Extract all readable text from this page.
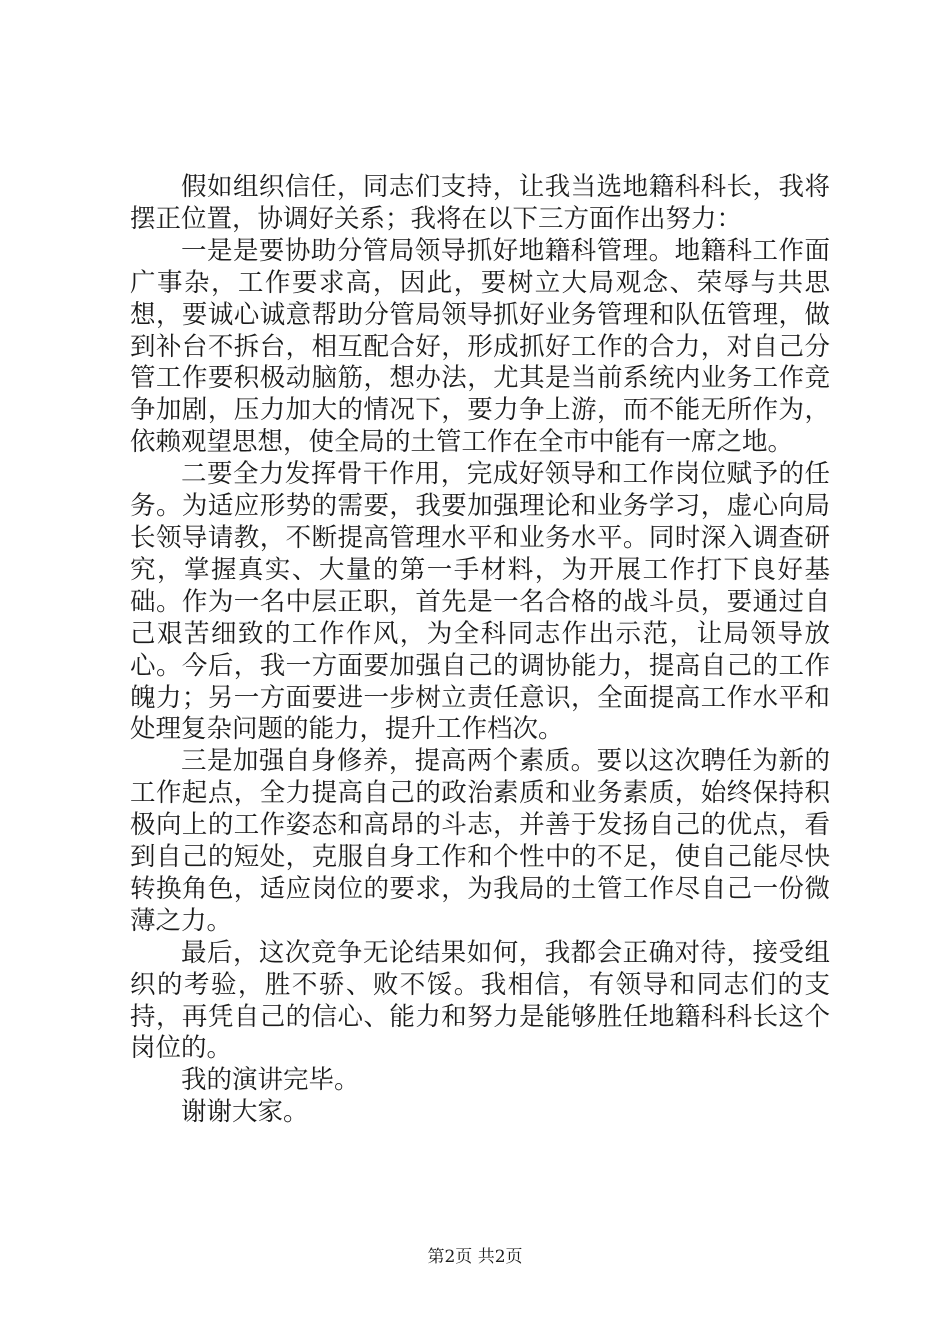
假如组织信任，同志们支持，让我当选地籍科科长，我将摆正位置，协调好关系；我将在以下三方面作出努力：

一是是要协助分管局领导抓好地籍科管理。地籍科工作面广事杂，工作要求高，因此，要树立大局观念、荣辱与共思想，要诚心诚意帮助分管局领导抓好业务管理和队伍管理，做到补台不拆台，相互配合好，形成抓好工作的合力，对自己分管工作要积极动脑筋，想办法，尤其是当前系统内业务工作竞争加剧，压力加大的情况下，要力争上游，而不能无所作为，依赖观望思想，使全局的土管工作在全市中能有一席之地。

二要全力发挥骨干作用，完成好领导和工作岗位赋予的任务。为适应形势的需要，我要加强理论和业务学习，虚心向局长领导请教，不断提高管理水平和业务水平。同时深入调查研究，掌握真实、大量的第一手材料，为开展工作打下良好基础。作为一名中层正职，首先是一名合格的战斗员，要通过自己艰苦细致的工作作风，为全科同志作出示范，让局领导放心。今后，我一方面要加强自己的调协能力，提高自己的工作魄力；另一方面要进一步树立责任意识，全面提高工作水平和处理复杂问题的能力，提升工作档次。

三是加强自身修养，提高两个素质。要以这次聘任为新的工作起点，全力提高自己的政治素质和业务素质，始终保持积极向上的工作姿态和高昂的斗志，并善于发扬自己的优点，看到自己的短处，克服自身工作和个性中的不足，使自己能尽快转换角色，适应岗位的要求，为我局的土管工作尽自己一份微薄之力。

最后，这次竞争无论结果如何，我都会正确对待，接受组织的考验，胜不骄、败不馁。我相信，有领导和同志们的支持，再凭自己的信心、能力和努力是能够胜任地籍科科长这个岗位的。

我的演讲完毕。

谢谢大家。

第2页 共2页
